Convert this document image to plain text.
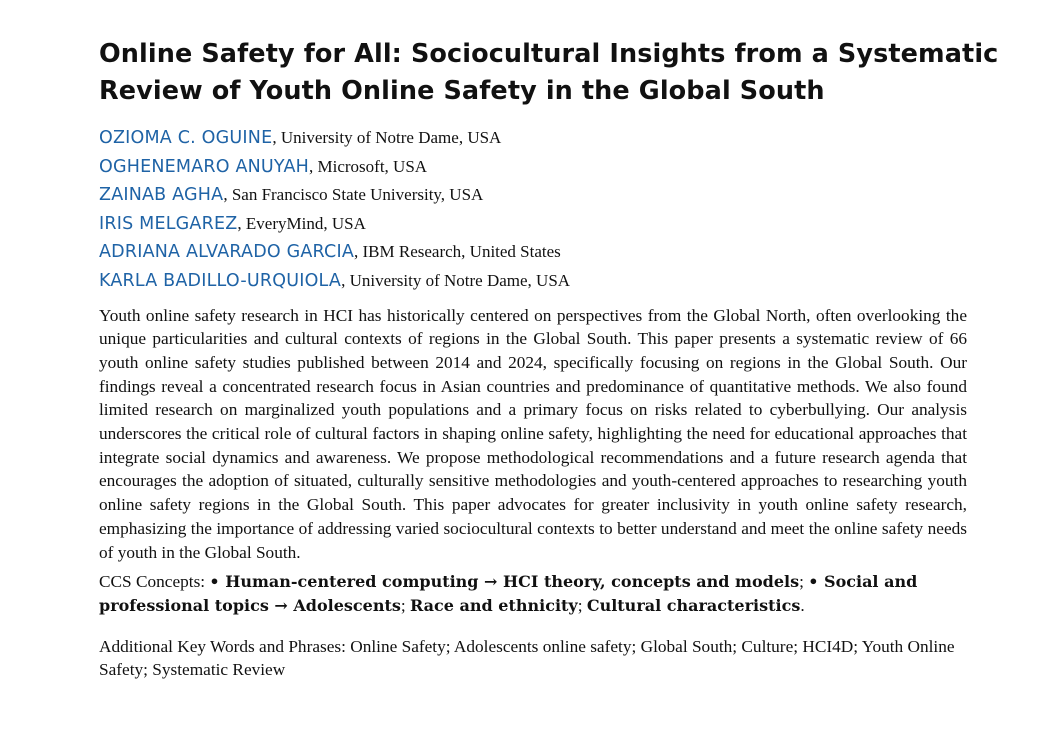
Online Safety for All: Sociocultural Insights from a Systematic
Review of Youth Online Safety in the Global South
OZIOMA C. OGUINE, University of Notre Dame, USA
OGHENEMARO ANUYAH, Microsoft, USA
ZAINAB AGHA, San Francisco State University, USA
IRIS MELGAREZ, EveryMind, USA
ADRIANA ALVARADO GARCIA, IBM Research, United States
KARLA BADILLO-URQUIOLA, University of Notre Dame, USA

Youth online safety research in HCI has historically centered on perspectives from the Global North, often overlooking the unique particularities and cultural contexts of regions in the Global South. This paper presents a systematic review of 66 youth online safety studies published between 2014 and 2024, specifically focusing on regions in the Global South. Our findings reveal a concentrated research focus in Asian countries and predominance of quantitative methods. We also found limited research on marginalized youth populations and a primary focus on risks related to cyberbullying. Our analysis underscores the critical role of cultural factors in shaping online safety, highlighting the need for educational approaches that integrate social dynamics and awareness. We propose methodological recommendations and a future research agenda that encourages the adoption of situated, culturally sensitive methodologies and youth-centered approaches to researching youth online safety regions in the Global South. This paper advocates for greater inclusivity in youth online safety research, emphasizing the importance of addressing varied sociocultural contexts to better understand and meet the online safety needs of youth in the Global South.

CCS Concepts: • Human-centered computing → HCI theory, concepts and models; • Social and professional topics → Adolescents; Race and ethnicity; Cultural characteristics.

Additional Key Words and Phrases: Online Safety; Adolescents online safety; Global South; Culture; HCI4D; Youth Online Safety; Systematic Review
